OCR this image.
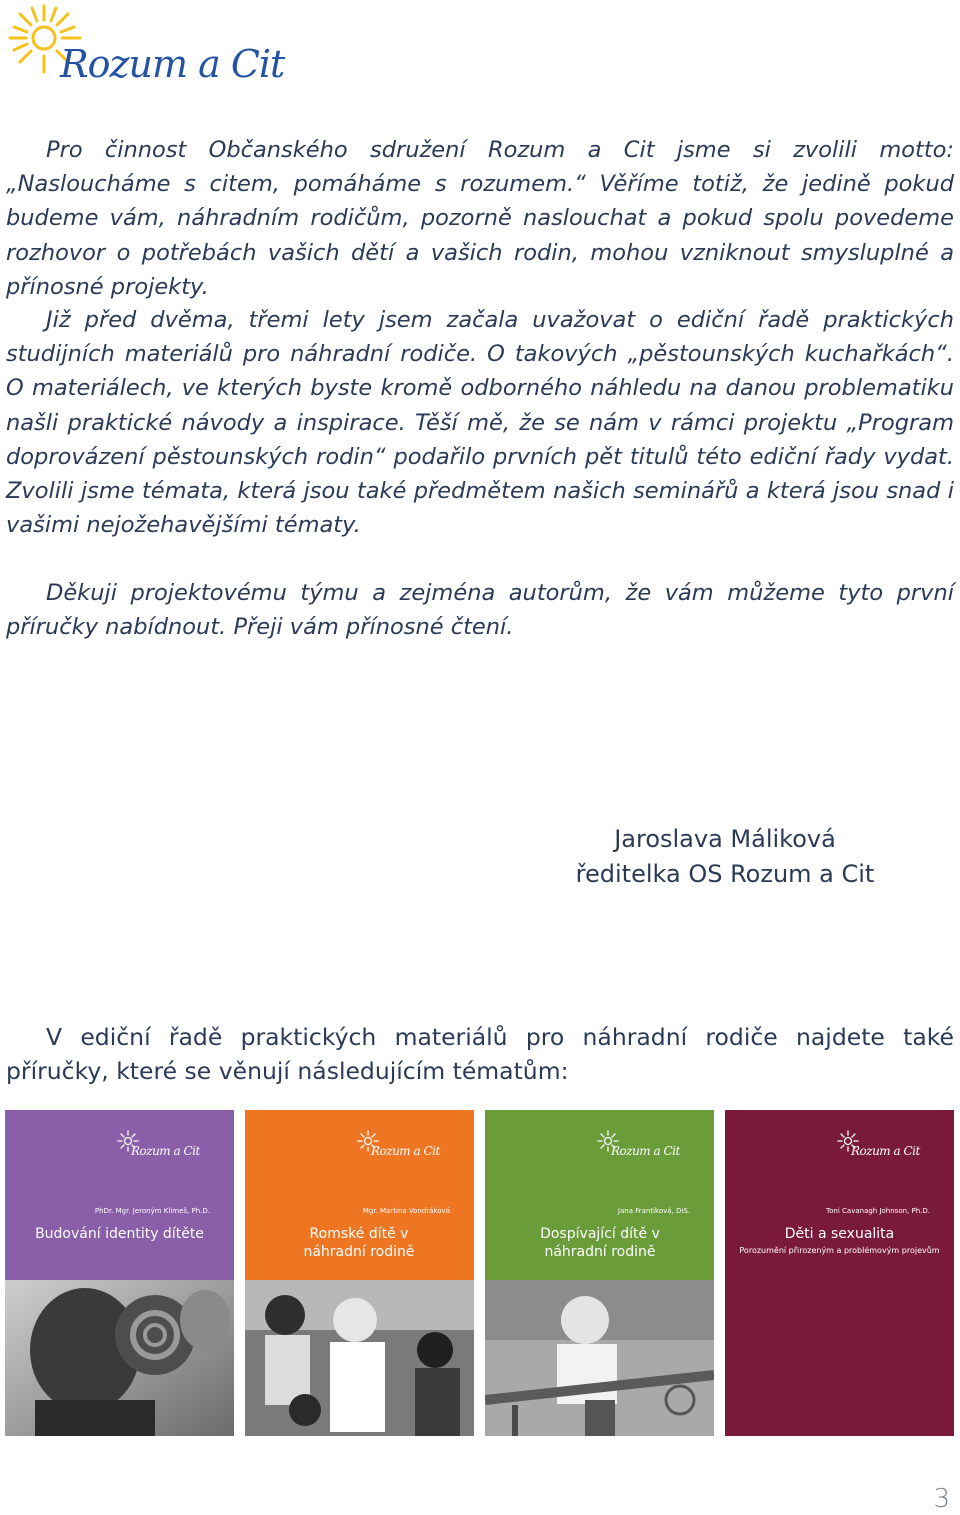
Rozum a Cit

Pro činnost Občanského sdružení Rozum a Cit jsme si zvolili motto: „Nasloucháme s citem, pomáháme s rozumem.“ Věříme totiž, že jedině pokud budeme vám, náhradním rodičům, pozorně naslouchat a pokud spolu povedeme rozhovor o potřebách vašich dětí a vašich rodin, mohou vzniknout smysluplné a přínosné projekty.

Již před dvěma, třemi lety jsem začala uvažovat o ediční řadě praktických studijních materiálů pro náhradní rodiče. O takových „pěstounských kuchařkách“. O materiálech, ve kterých byste kromě odborného náhledu na danou problematiku našli praktické návody a inspirace. Těší mě, že se nám v rámci projektu „Program doprovázení pěstounských rodin“ podařilo prvních pět titulů této ediční řady vydat. Zvolili jsme témata, která jsou také předmětem našich seminářů a která jsou snad i vašimi nejožehavějšími tématy.

Děkuji projektovému týmu a zejména autorům, že vám můžeme tyto první příručky nabídnout. Přeji vám přínosné čtení.

Jaroslava Máliková
ředitelka OS Rozum a Cit

V ediční řadě praktických materiálů pro náhradní rodiče najdete také příručky, které se věnují následujícím tématům:

Rozum a Cit
PhDr. Mgr. Jeroným Klimeš, Ph.D.
Budování identity dítěte
Rozum a Cit
Mgr. Martina Vondráková
Romské dítě v náhradní rodině
Rozum a Cit
Jana Frantíková, DiS.
Dospívající dítě v náhradní rodině
Rozum a Cit
Toni Cavanagh Johnson, Ph.D.
Děti a sexualita
Porozumění přirozeným a problémovým projevům
3
